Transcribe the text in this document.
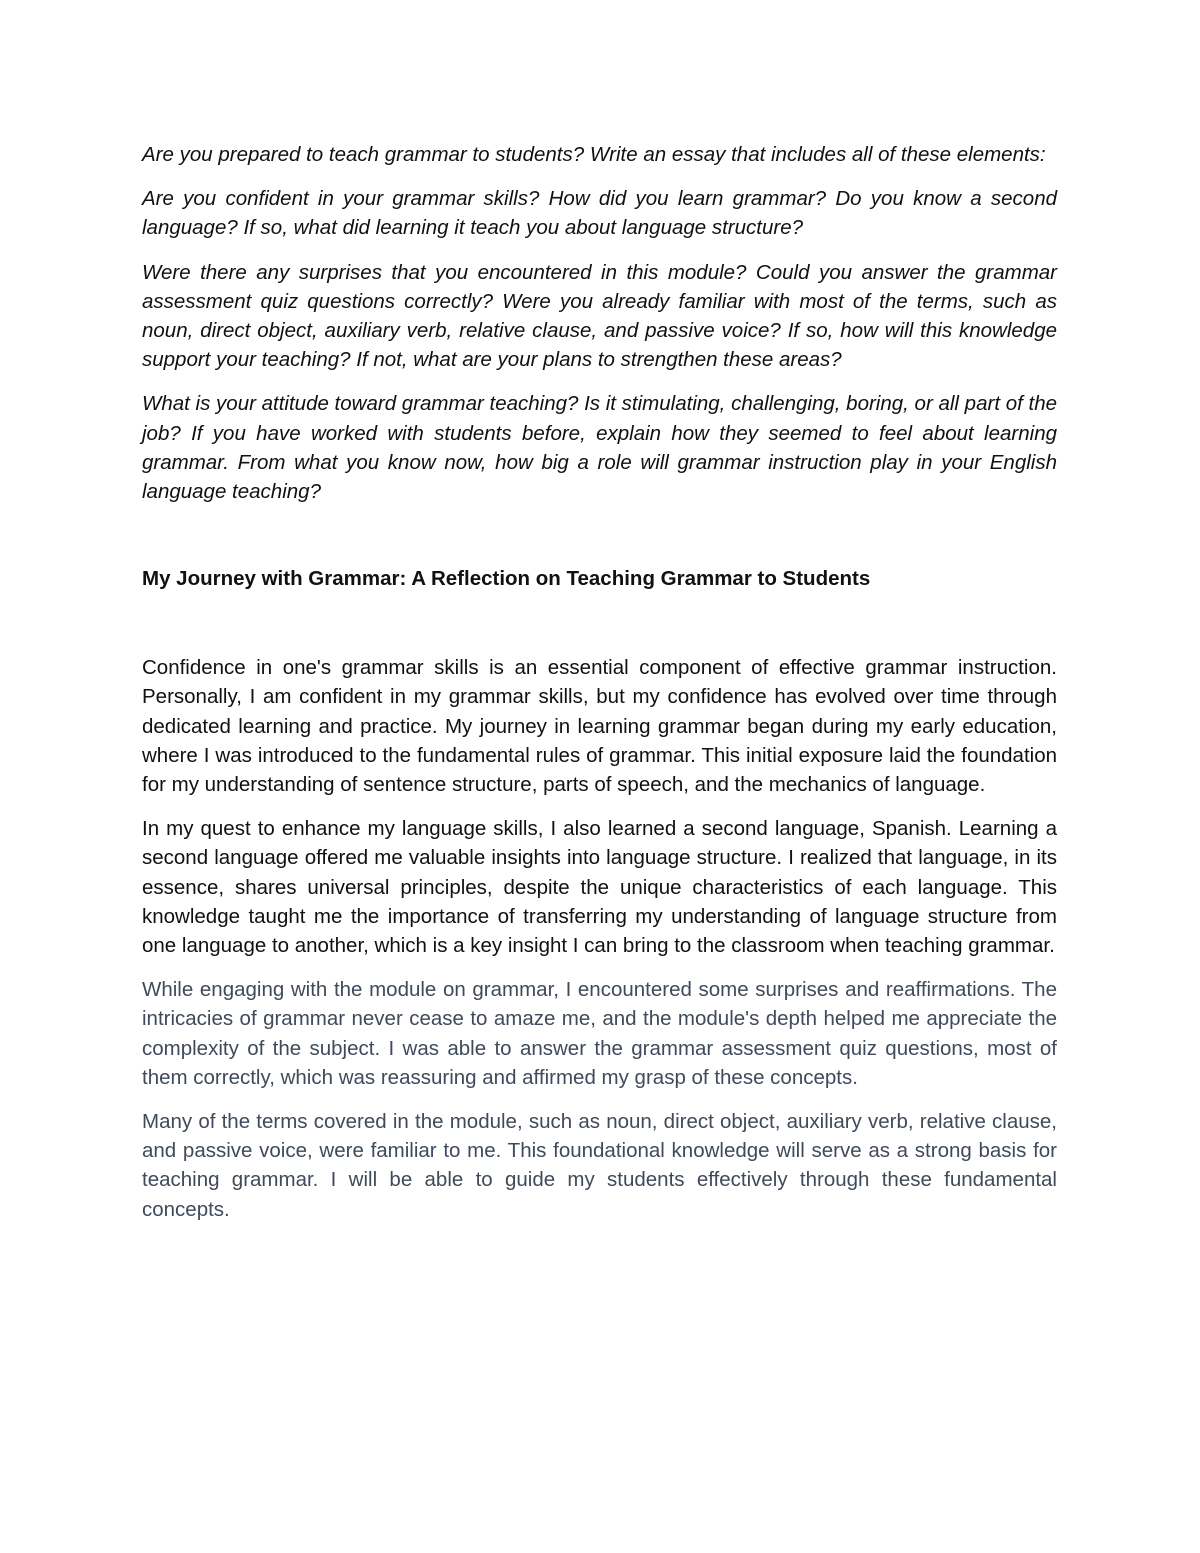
Are you prepared to teach grammar to students? Write an essay that includes all of these elements:

Are you confident in your grammar skills? How did you learn grammar? Do you know a second language? If so, what did learning it teach you about language structure?

Were there any surprises that you encountered in this module? Could you answer the grammar assessment quiz questions correctly? Were you already familiar with most of the terms, such as noun, direct object, auxiliary verb, relative clause, and passive voice? If so, how will this knowledge support your teaching? If not, what are your plans to strengthen these areas?

What is your attitude toward grammar teaching? Is it stimulating, challenging, boring, or all part of the job? If you have worked with students before, explain how they seemed to feel about learning grammar. From what you know now, how big a role will grammar instruction play in your English language teaching?

My Journey with Grammar: A Reflection on Teaching Grammar to Students

Confidence in one's grammar skills is an essential component of effective grammar instruction. Personally, I am confident in my grammar skills, but my confidence has evolved over time through dedicated learning and practice. My journey in learning grammar began during my early education, where I was introduced to the fundamental rules of grammar. This initial exposure laid the foundation for my understanding of sentence structure, parts of speech, and the mechanics of language.

In my quest to enhance my language skills, I also learned a second language, Spanish. Learning a second language offered me valuable insights into language structure. I realized that language, in its essence, shares universal principles, despite the unique characteristics of each language. This knowledge taught me the importance of transferring my understanding of language structure from one language to another, which is a key insight I can bring to the classroom when teaching grammar.

While engaging with the module on grammar, I encountered some surprises and reaffirmations. The intricacies of grammar never cease to amaze me, and the module's depth helped me appreciate the complexity of the subject. I was able to answer the grammar assessment quiz questions, most of them correctly, which was reassuring and affirmed my grasp of these concepts.

Many of the terms covered in the module, such as noun, direct object, auxiliary verb, relative clause, and passive voice, were familiar to me. This foundational knowledge will serve as a strong basis for teaching grammar. I will be able to guide my students effectively through these fundamental concepts.
